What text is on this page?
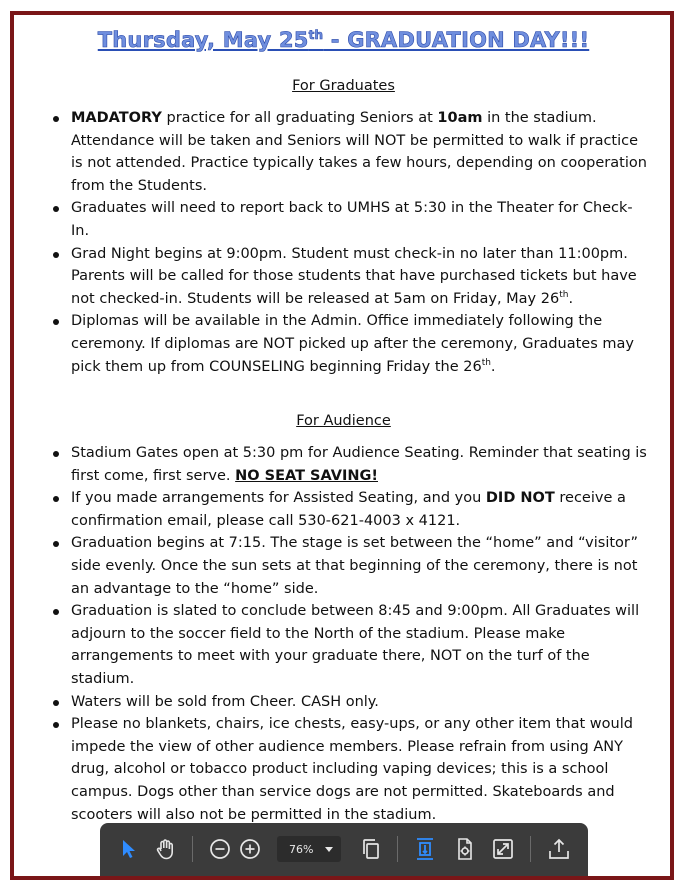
Thursday, May 25th - GRADUATION DAY!!!
For Graduates
MADATORY practice for all graduating Seniors at 10am in the stadium. Attendance will be taken and Seniors will NOT be permitted to walk if practice is not attended. Practice typically takes a few hours, depending on cooperation from the Students.
Graduates will need to report back to UMHS at 5:30 in the Theater for Check-In.
Grad Night begins at 9:00pm. Student must check-in no later than 11:00pm. Parents will be called for those students that have purchased tickets but have not checked-in. Students will be released at 5am on Friday, May 26th.
Diplomas will be available in the Admin. Office immediately following the ceremony. If diplomas are NOT picked up after the ceremony, Graduates may pick them up from COUNSELING beginning Friday the 26th.
For Audience
Stadium Gates open at 5:30 pm for Audience Seating. Reminder that seating is first come, first serve. NO SEAT SAVING!
If you made arrangements for Assisted Seating, and you DID NOT receive a confirmation email, please call 530-621-4003 x 4121.
Graduation begins at 7:15. The stage is set between the “home” and “visitor” side evenly. Once the sun sets at that beginning of the ceremony, there is not an advantage to the “home” side.
Graduation is slated to conclude between 8:45 and 9:00pm. All Graduates will adjourn to the soccer field to the North of the stadium. Please make arrangements to meet with your graduate there, NOT on the turf of the stadium.
Waters will be sold from Cheer. CASH only.
Please no blankets, chairs, ice chests, easy-ups, or any other item that would impede the view of other audience members. Please refrain from using ANY drug, alcohol or tobacco product including vaping devices; this is a school campus. Dogs other than service dogs are not permitted. Skateboards and scooters will also not be permitted in the stadium.
76%
